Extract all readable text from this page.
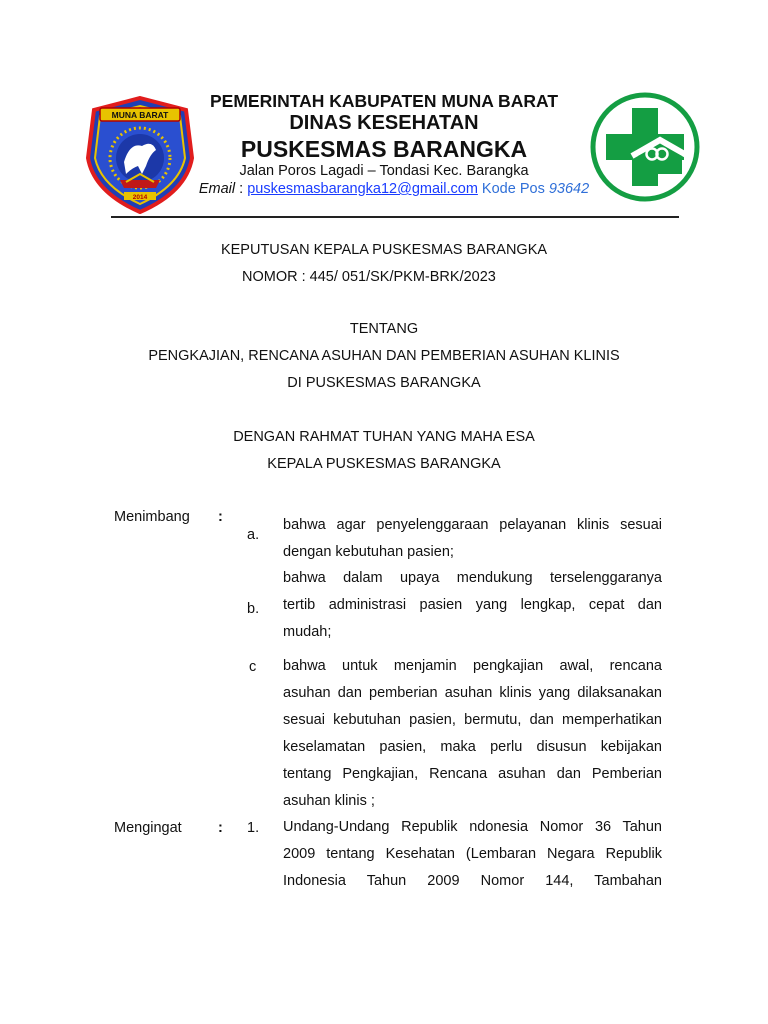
MUNA BARAT
2014
PEMERINTAH KABUPATEN MUNA BARAT
DINAS KESEHATAN
PUSKESMAS BARANGKA
Jalan Poros Lagadi – Tondasi Kec. Barangka
Email : puskesmasbarangka12@gmail.com Kode Pos 93642
KEPUTUSAN KEPALA PUSKESMAS BARANGKA
NOMOR : 445/ 051/SK/PKM-BRK/2023
TENTANG
PENGKAJIAN, RENCANA ASUHAN DAN PEMBERIAN ASUHAN KLINIS
DI PUSKESMAS BARANGKA
DENGAN RAHMAT TUHAN YANG MAHA ESA
KEPALA PUSKESMAS BARANGKA
Menimbang :
a.
bahwa agar penyelenggaraan pelayanan klinis sesuai
dengan kebutuhan pasien;
b.
bahwa dalam upaya mendukung terselenggaranya
tertib administrasi pasien yang lengkap, cepat dan
mudah;
c bahwa untuk menjamin pengkajian awal, rencana
asuhan dan pemberian asuhan klinis yang dilaksanakan
sesuai kebutuhan pasien, bermutu, dan memperhatikan
keselamatan pasien, maka perlu disusun kebijakan
tentang Pengkajian, Rencana asuhan dan Pemberian
asuhan klinis ;
Mengingat	: 1. Undang-Undang Republik ndonesia Nomor 36 Tahun
2009 tentang Kesehatan (Lembaran Negara Republik
Indonesia Tahun 2009 Nomor 144, Tambahan
